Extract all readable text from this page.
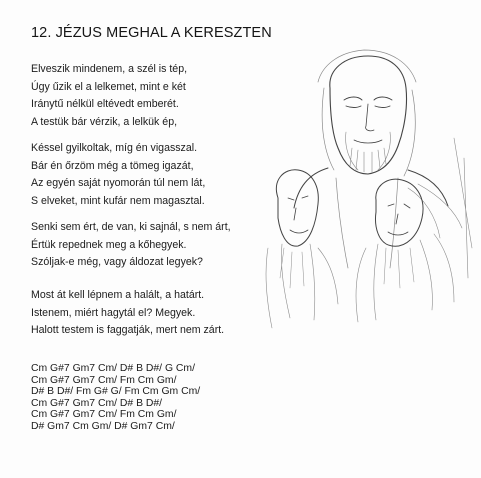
12. JÉZUS MEGHAL A KERESZTEN
Elveszik mindenem, a szél is tép,
Úgy űzik el a lelkemet, mint e két
Iránytű nélkül eltévedt emberét.
A testük bár vérzik, a lelkük ép,
Késsel gyilkoltak, míg én vigasszal.
Bár én őrzöm még a tömeg igazát,
Az egyén saját nyomorán túl nem lát,
S elveket, mint kufár nem magasztal.
Senki sem ért, de van, ki sajnál, s nem árt,
Értük repednek meg a kőhegyek.
Szóljak-e még, vagy áldozat legyek?
Most át kell lépnem a halált, a határt.
Istenem, miért hagytál el? Megyek.
Halott testem is faggatják, mert nem zárt.
Cm G#7 Gm7 Cm/ D# B D#/ G Cm/
Cm G#7 Gm7 Cm/ Fm Cm Gm/
D# B D#/ Fm G# G/ Fm Cm Gm Cm/
Cm G#7 Gm7 Cm/ D# B D#/
Cm G#7 Gm7 Cm/ Fm Cm Gm/
D# Gm7 Cm Gm/ D# Gm7 Cm/
